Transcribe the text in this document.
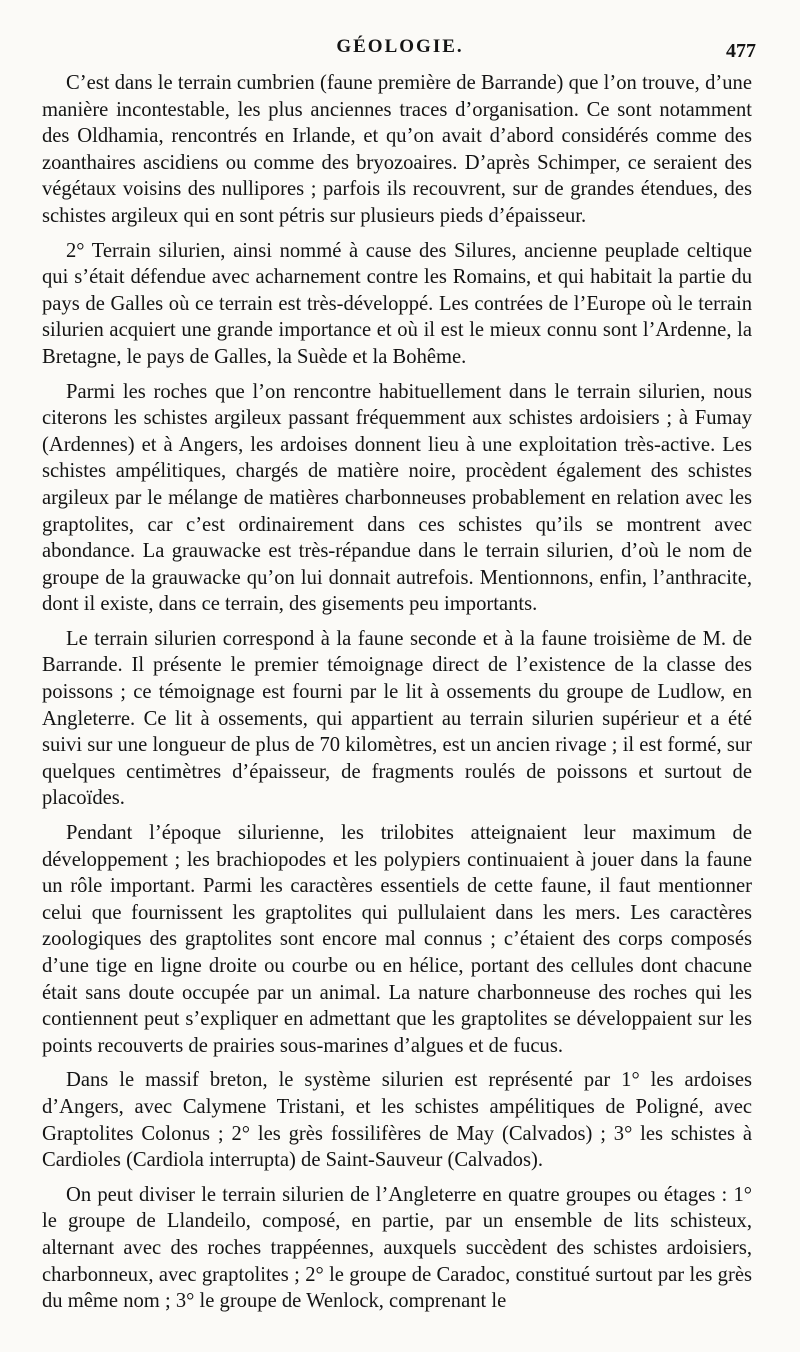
GÉOLOGIE.	477

C’est dans le terrain cumbrien (faune première de Barrande) que l’on trouve, d’une manière incontestable, les plus anciennes traces d’organisation. Ce sont notamment des Oldhamia, rencontrés en Irlande, et qu’on avait d’abord considérés comme des zoanthaires ascidiens ou comme des bryozoaires. D’après Schimper, ce seraient des végétaux voisins des nullipores ; parfois ils recouvrent, sur de grandes étendues, des schistes argileux qui en sont pétris sur plusieurs pieds d’épaisseur.

2° Terrain silurien, ainsi nommé à cause des Silures, ancienne peuplade celtique qui s’était défendue avec acharnement contre les Romains, et qui habitait la partie du pays de Galles où ce terrain est très-développé. Les contrées de l’Europe où le terrain silurien acquiert une grande importance et où il est le mieux connu sont l’Ardenne, la Bretagne, le pays de Galles, la Suède et la Bohême.

Parmi les roches que l’on rencontre habituellement dans le terrain silurien, nous citerons les schistes argileux passant fréquemment aux schistes ardoisiers ; à Fumay (Ardennes) et à Angers, les ardoises donnent lieu à une exploitation très-active. Les schistes ampélitiques, chargés de matière noire, procèdent également des schistes argileux par le mélange de matières charbonneuses probablement en relation avec les graptolites, car c’est ordinairement dans ces schistes qu’ils se montrent avec abondance. La grauwacke est très-répandue dans le terrain silurien, d’où le nom de groupe de la grauwacke qu’on lui donnait autrefois. Mentionnons, enfin, l’anthracite, dont il existe, dans ce terrain, des gisements peu importants.

Le terrain silurien correspond à la faune seconde et à la faune troisième de M. de Barrande. Il présente le premier témoignage direct de l’existence de la classe des poissons ; ce témoignage est fourni par le lit à ossements du groupe de Ludlow, en Angleterre. Ce lit à ossements, qui appartient au terrain silurien supérieur et a été suivi sur une longueur de plus de 70 kilomètres, est un ancien rivage ; il est formé, sur quelques centimètres d’épaisseur, de fragments roulés de poissons et surtout de placoïdes.

Pendant l’époque silurienne, les trilobites atteignaient leur maximum de développement ; les brachiopodes et les polypiers continuaient à jouer dans la faune un rôle important. Parmi les caractères essentiels de cette faune, il faut mentionner celui que fournissent les graptolites qui pullulaient dans les mers. Les caractères zoologiques des graptolites sont encore mal connus ; c’étaient des corps composés d’une tige en ligne droite ou courbe ou en hélice, portant des cellules dont chacune était sans doute occupée par un animal. La nature charbonneuse des roches qui les contiennent peut s’expliquer en admettant que les graptolites se développaient sur les points recouverts de prairies sous-marines d’algues et de fucus.

Dans le massif breton, le système silurien est représenté par 1° les ardoises d’Angers, avec Calymene Tristani, et les schistes ampélitiques de Poligné, avec Graptolites Colonus ; 2° les grès fossilifères de May (Calvados) ; 3° les schistes à Cardioles (Cardiola interrupta) de Saint-Sauveur (Calvados).

On peut diviser le terrain silurien de l’Angleterre en quatre groupes ou étages : 1° le groupe de Llandeilo, composé, en partie, par un ensemble de lits schisteux, alternant avec des roches trappéennes, auxquels succèdent des schistes ardoisiers, charbonneux, avec graptolites ; 2° le groupe de Caradoc, constitué surtout par les grès du même nom ; 3° le groupe de Wenlock, comprenant le
